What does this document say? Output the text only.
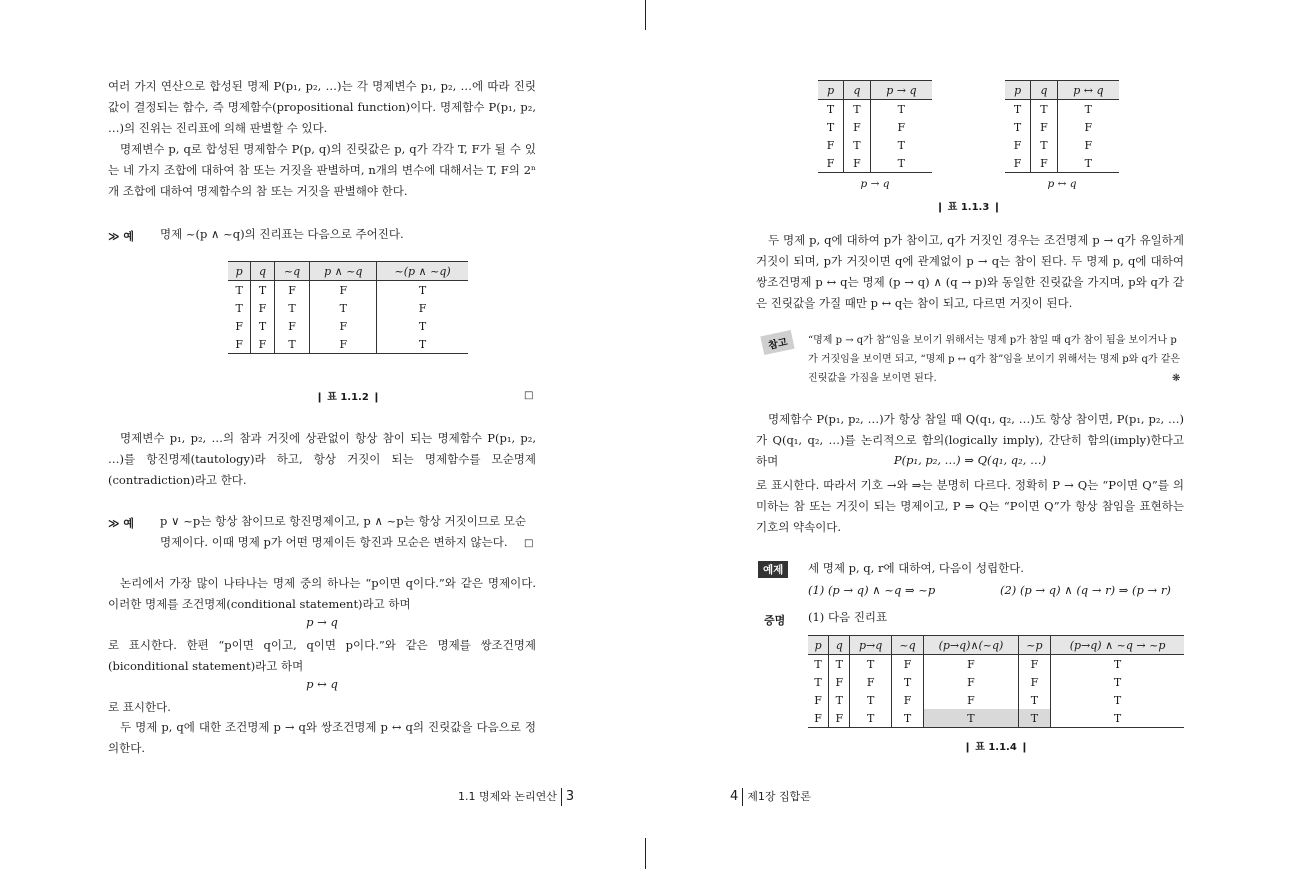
여러 가지 연산으로 합성된 명제 P(p₁, p₂, …)는 각 명제변수 p₁, p₂, …에 따라 진릿값이 결정되는 함수, 즉 명제함수(propositional function)이다. 명제함수 P(p₁, p₂, …)의 진위는 진리표에 의해 판별할 수 있다.

명제변수 p, q로 합성된 명제함수 P(p, q)의 진릿값은 p, q가 각각 T, F가 될 수 있는 네 가지 조합에 대하여 참 또는 거짓을 판별하며, n개의 변수에 대해서는 T, F의 2ⁿ개 조합에 대하여 명제함수의 참 또는 거짓을 판별해야 한다.

≫ 예 명제 ~(p ∧ ~q)의 진리표는 다음으로 주어진다.

p	q	~q	p ∧ ~q	~(p ∧ ~q)
T	T	F	F	T
T	F	T	T	F
F	T	F	F	T
F	F	T	F	T
❙ 표 1.1.2 ❙	□

명제변수 p₁, p₂, …의 참과 거짓에 상관없이 항상 참이 되는 명제함수 P(p₁, p₂, …)를 항진명제(tautology)라 하고, 항상 거짓이 되는 명제함수를 모순명제(contradiction)라고 한다.

≫ 예 p ∨ ~p는 항상 참이므로 항진명제이고, p ∧ ~p는 항상 거짓이므로 모순명제이다. 이때 명제 p가 어떤 명제이든 항진과 모순은 변하지 않는다.	□

논리에서 가장 많이 나타나는 명제 중의 하나는 “p이면 q이다.”와 같은 명제이다. 이러한 명제를 조건명제(conditional statement)라고 하며

p → q

로 표시한다. 한편 “p이면 q이고, q이면 p이다.”와 같은 명제를 쌍조건명제(biconditional statement)라고 하며

p ↔ q

로 표시한다.

두 명제 p, q에 대한 조건명제 p → q와 쌍조건명제 p ↔ q의 진릿값을 다음으로 정의한다.

1.1 명제와 논리연산 3
p	q	p → q
T	T	T
T	F	F
F	T	T
F	F	T
p → q
p	q	p ↔ q
T	T	T
T	F	F
F	T	F
F	F	T
p ↔ q
❙ 표 1.1.3 ❙

두 명제 p, q에 대하여 p가 참이고, q가 거짓인 경우는 조건명제 p → q가 유일하게 거짓이 되며, p가 거짓이면 q에 관계없이 p → q는 참이 된다. 두 명제 p, q에 대하여 쌍조건명제 p ↔ q는 명제 (p → q) ∧ (q → p)와 동일한 진릿값을 가지며, p와 q가 같은 진릿값을 가질 때만 p ↔ q는 참이 되고, 다르면 거짓이 된다.

참고	“명제 p → q가 참”임을 보이기 위해서는 명제 p가 참일 때 q가 참이 됨을 보이거나 p가 거짓임을 보이면 되고, “명제 p ↔ q가 참”임을 보이기 위해서는 명제 p와 q가 같은 진릿값을 가짐을 보이면 된다.	❋

명제함수 P(p₁, p₂, …)가 항상 참일 때 Q(q₁, q₂, …)도 항상 참이면, P(p₁, p₂, …)가 Q(q₁, q₂, …)를 논리적으로 함의(logically imply), 간단히 함의(imply)한다고 하며	P(p₁, p₂, …) ⇒ Q(q₁, q₂, …)

로 표시한다. 따라서 기호 →와 ⇒는 분명히 다르다. 정확히 P → Q는 “P이면 Q”를 의미하는 참 또는 거짓이 되는 명제이고, P ⇒ Q는 “P이면 Q”가 항상 참임을 표현하는 기호의 약속이다.

예제	세 명제 p, q, r에 대하여, 다음이 성립한다.

(1) (p → q) ∧ ~q ⇒ ~p	(2) (p → q) ∧ (q → r) ⇒ (p → r)

증명 (1) 다음 진리표

p	q	p→q	~q	(p→q)∧(~q)	~p	(p→q) ∧ ~q → ~p
T	T	T	F	F	F	T
T	F	F	T	F	F	T
F	T	T	F	F	T	T
F	F	T	T	T	T	T
❙ 표 1.1.4 ❙
4 제1장 집합론
